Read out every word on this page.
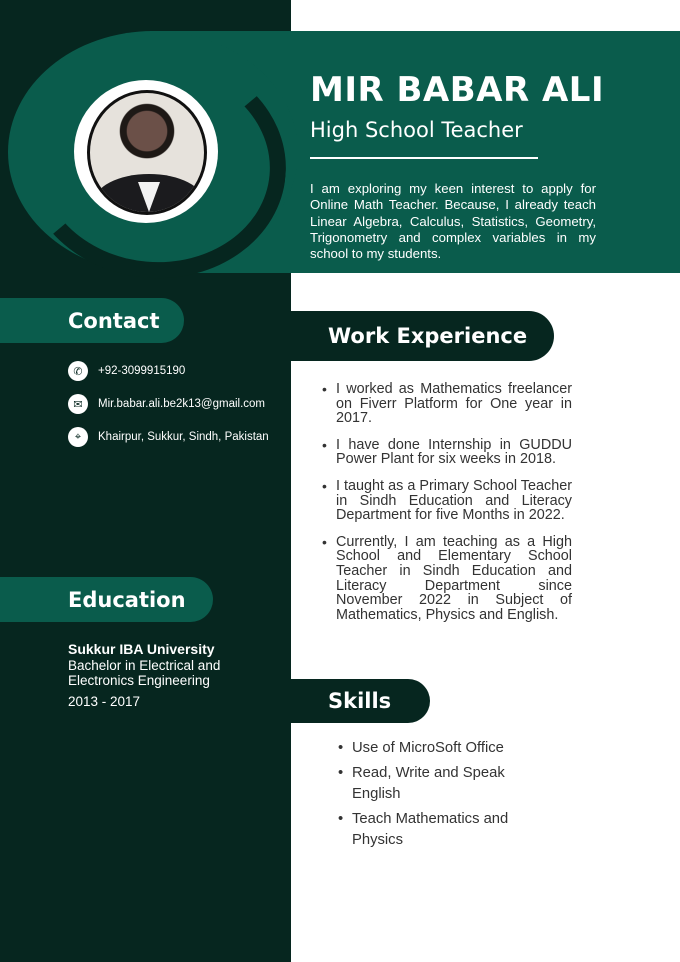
MIR BABAR ALI
High School Teacher

I am exploring my keen interest to apply for Online Math Teacher. Because, I already teach Linear Algebra, Calculus, Statistics, Geometry, Trigonometry and complex variables in my school to my students.

Contact
✆	+92-3099915190
✉	Mir.babar.ali.be2k13@gmail.com
⌖	Khairpur, Sukkur, Sindh, Pakistan
Education
Sukkur IBA University
Bachelor in Electrical and Electronics Engineering
2013 - 2017
Work Experience
• I worked as Mathematics freelancer on Fiverr Platform for One year in 2017.
• I have done Internship in GUDDU Power Plant for six weeks in 2018.
• I taught as a Primary School Teacher in Sindh Education and Literacy Department for five Months in 2022.
• Currently, I am teaching as a High School and Elementary School Teacher in Sindh Education and Literacy Department since November 2022 in Subject of Mathematics, Physics and English.
Skills
• Use of MicroSoft Office
• Read, Write and Speak English
• Teach Mathematics and Physics
